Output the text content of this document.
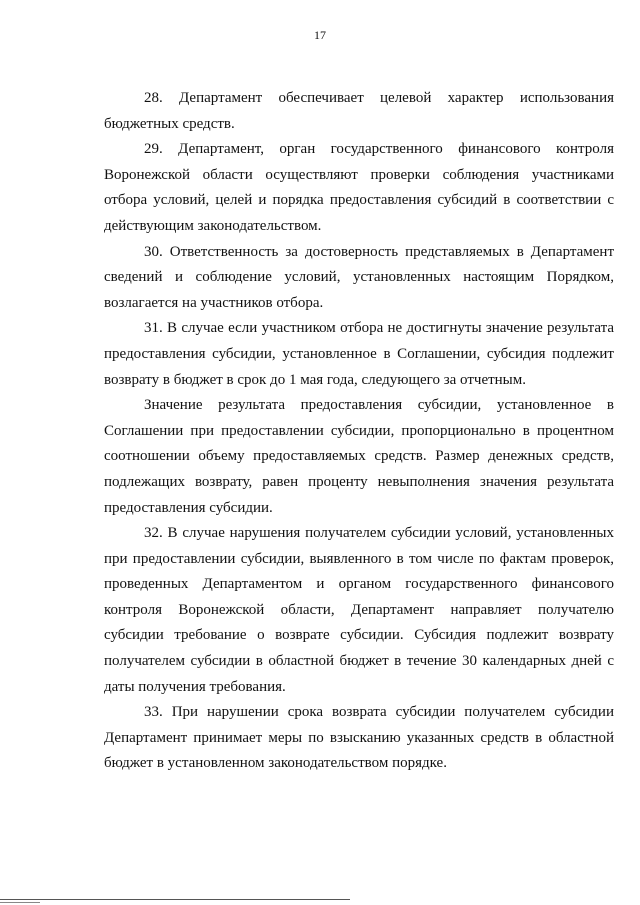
17

28. Департамент обеспечивает целевой характер использования бюджетных средств.

29. Департамент, орган государственного финансового контроля Воронежской области осуществляют проверки соблюдения участниками отбора условий, целей и порядка предоставления субсидий в соответствии с действующим законодательством.

30. Ответственность за достоверность представляемых в Департамент сведений и соблюдение условий, установленных настоящим Порядком, возлагается на участников отбора.

31. В случае если участником отбора не достигнуты значение результата предоставления субсидии, установленное в Соглашении, субсидия подлежит возврату в бюджет в срок до 1 мая года, следующего за отчетным.

Значение результата предоставления субсидии, установленное в Соглашении при предоставлении субсидии, пропорционально в процентном соотношении объему предоставляемых средств. Размер денежных средств, подлежащих возврату, равен проценту невыполнения значения результата предоставления субсидии.

32. В случае нарушения получателем субсидии условий, установленных при предоставлении субсидии, выявленного в том числе по фактам проверок, проведенных Департаментом и органом государственного финансового контроля Воронежской области, Департамент направляет получателю субсидии требование о возврате субсидии. Субсидия подлежит возврату получателем субсидии в областной бюджет в течение 30 календарных дней с даты получения требования.

33. При нарушении срока возврата субсидии получателем субсидии Департамент принимает меры по взысканию указанных средств в областной бюджет в установленном законодательством порядке.
